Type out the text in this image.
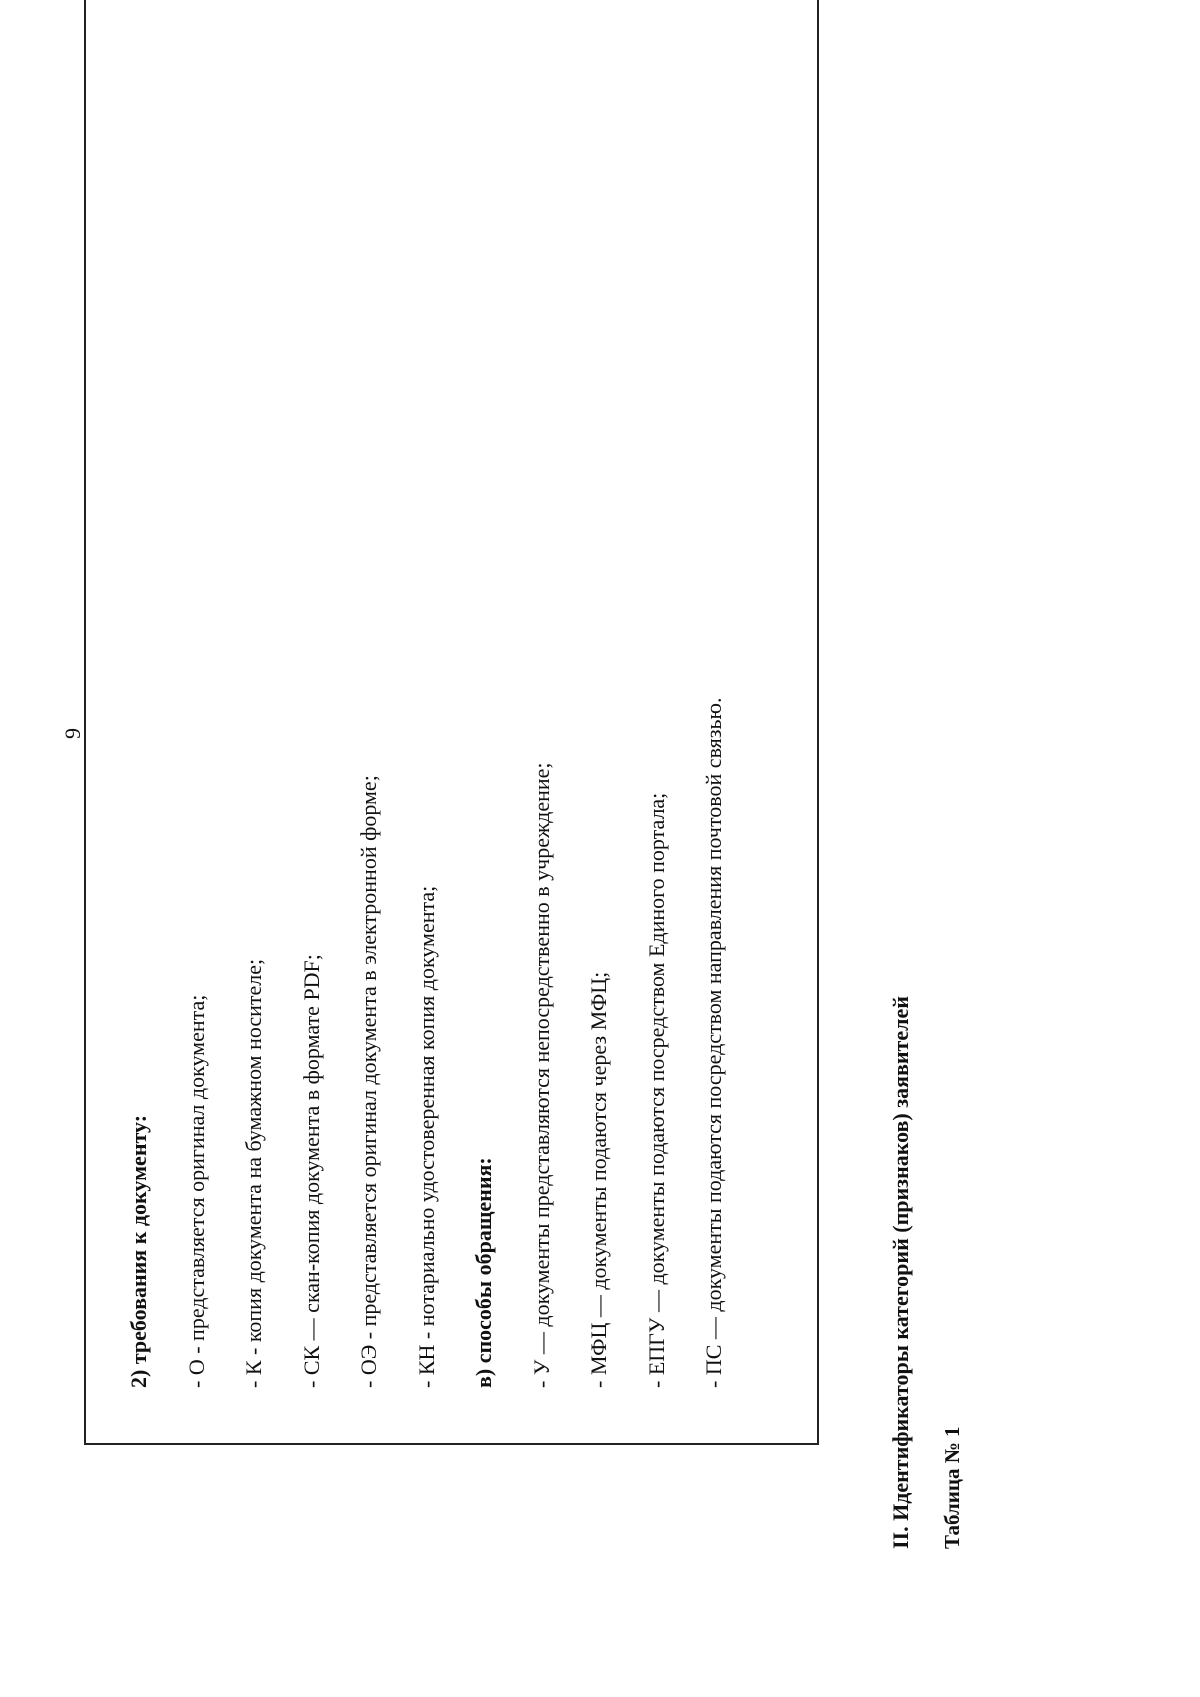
9
2) требования к документу:	- О - представляется оригинал документа;	- К - копия документа на бумажном носителе;	- СК — скан-копия документа в формате PDF;	- ОЭ - представляется оригинал документа в электронной форме;	- КН - нотариально удостоверенная копия документа;	в) способы обращения:	- У — документы представляются непосредственно в учреждение;	- МФЦ — документы подаются через МФЦ;	- ЕПГУ — документы подаются посредством Единого портала;	- ПС — документы подаются посредством направления почтовой связью.	II. Идентификаторы категорий (признаков) заявителей Таблица № 1
